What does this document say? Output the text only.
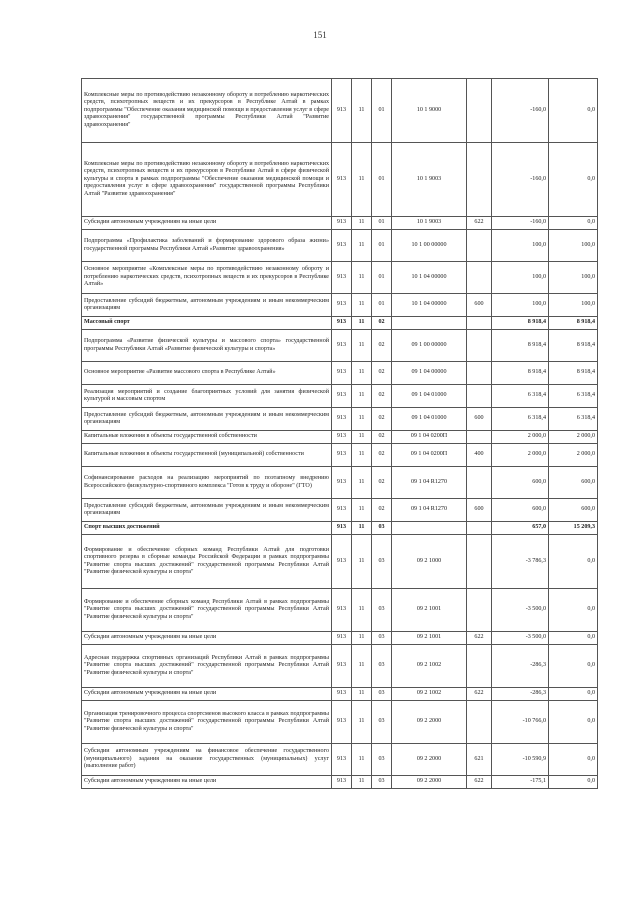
151
Комплексные меры по противодействию незаконному обороту и потреблению наркотических средств, психотропных веществ и их прекурсоров в Республике Алтай в рамках подпрограммы "Обеспечение оказания медицинской помощи и предоставления услуг в сфере здравоохранения" государственной программы Республики Алтай "Развитие здравоохранения"	913	11	01	10 1 9000		-160,0	0,0
Комплексные меры по противодействию незаконному обороту и потреблению наркотических средств, психотропных веществ и их прекурсоров в Республике Алтай в сфере физической культуры и спорта в рамках подпрограммы "Обеспечение оказания медицинской помощи и предоставления услуг в сфере здравоохранения" государственной программы Республики Алтай "Развитие здравоохранения"	913	11	01	10 1 9003		-160,0	0,0
Субсидии автономным учреждениям на иные цели	913	11	01	10 1 9003	622	-160,0	0,0
Подпрограмма «Профилактика заболеваний и формирование здорового образа жизни» государственной программы Республики Алтай «Развитие здравоохранения»	913	11	01	10 1 00 00000		100,0	100,0
Основное мероприятие «Комплексные меры по противодействию незаконному обороту и потреблению наркотических средств, психотропных веществ и их прекурсоров в Республике Алтай»	913	11	01	10 1 04 00000		100,0	100,0
Предоставление субсидий бюджетным, автономным учреждениям и иным некоммерческим организациям	913	11	01	10 1 04 00000	600	100,0	100,0
Массовый спорт	913	11	02			8 918,4	8 918,4
Подпрограмма «Развитие физической культуры и массового спорта» государственной программы Республики Алтай «Развитие физической культуры и спорта»	913	11	02	09 1 00 00000		8 918,4	8 918,4
Основное мероприятие «Развитие массового спорта в Республике Алтай»	913	11	02	09 1 04 00000		8 918,4	8 918,4
Реализация мероприятий и создание благоприятных условий для занятия физической культурой и массовым спортом	913	11	02	09 1 04 01000		6 318,4	6 318,4
Предоставление субсидий бюджетным, автономным учреждениям и иным некоммерческим организациям	913	11	02	09 1 04 01000	600	6 318,4	6 318,4
Капитальные вложения в объекты государственной собственности	913	11	02	09 1 04 0200П		2 000,0	2 000,0
Капитальные вложения в объекты государственной (муниципальной) собственности	913	11	02	09 1 04 0200П	400	2 000,0	2 000,0
Софинансирование расходов на реализацию мероприятий по поэтапному внедрению Всероссийского физкультурно-спортивного комплекса "Готов к труду и обороне" (ГТО)	913	11	02	09 1 04 R1270		600,0	600,0
Предоставление субсидий бюджетным, автономным учреждениям и иным некоммерческим организациям	913	11	02	09 1 04 R1270	600	600,0	600,0
Спорт высших достижений	913	11	03			657,0	15 209,3
Формирование и обеспечение сборных команд Республики Алтай для подготовки спортивного резерва в сборные команды Российской Федерации в рамках подпрограммы "Развитие спорта высших достижений" государственной программы Республики Алтай "Развитие физической культуры и спорта"	913	11	03	09 2 1000		-3 786,3	0,0
Формирование и обеспечение сборных команд Республики Алтай в рамках подпрограммы "Развитие спорта высших достижений" государственной программы Республики Алтай "Развитие физической культуры и спорта"	913	11	03	09 2 1001		-3 500,0	0,0
Субсидии автономным учреждениям на иные цели	913	11	03	09 2 1001	622	-3 500,0	0,0
Адресная поддержка спортивных организаций Республики Алтай в рамках подпрограммы "Развитие спорта высших достижений" государственной программы Республики Алтай "Развитие физической культуры и спорта"	913	11	03	09 2 1002		-286,3	0,0
Субсидии автономным учреждениям на иные цели	913	11	03	09 2 1002	622	-286,3	0,0
Организация тренировочного процесса спортсменов высокого класса в рамках подпрограммы "Развитие спорта высших достижений" государственной программы Республики Алтай "Развитие физической культуры и спорта"	913	11	03	09 2 2000		-10 766,0	0,0
Субсидии автономным учреждениям на финансовое обеспечение государственного (муниципального) задания на оказание государственных (муниципальных) услуг (выполнение работ)	913	11	03	09 2 2000	621	-10 590,9	0,0
Субсидии автономным учреждениям на иные цели	913	11	03	09 2 2000	622	-175,1	0,0
